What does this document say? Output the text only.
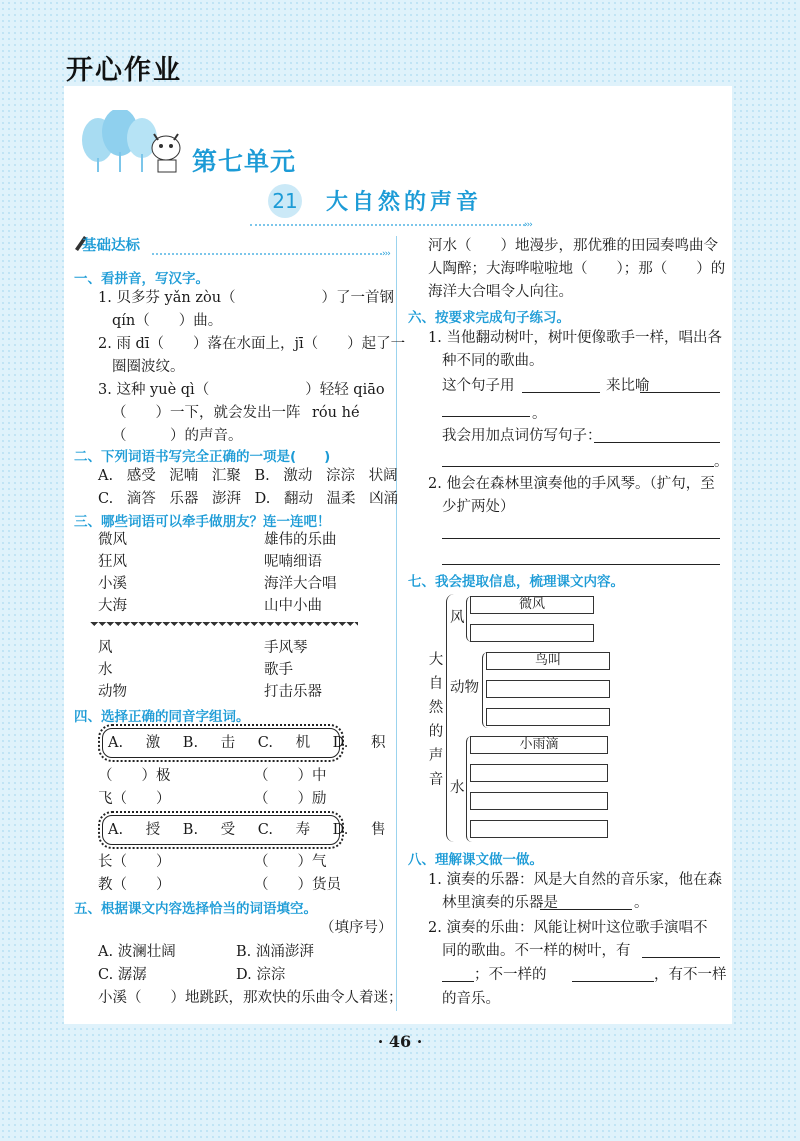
开心作业
第七单元
21 大自然的声音
›››
基础达标	›››
一、看拼音，写汉字。
1. 贝多芬 yǎn zòu（	）了一首钢
qín（　　）曲。
2. 雨 dī（　　）落在水面上，jī（　　）起了一
圈圈波纹。
3. 这种 yuè qì（	）轻轻 qiāo
（　　）一下，就会发出一阵 róu hé
（　　　）的声音。
二、下列词语书写完全正确的一项是( )
A. 感受 泥喃 汇聚 B. 激动 淙淙 状阔
C. 滴答 乐器 澎湃 D. 翻动 温柔 凶涌
三、哪些词语可以牵手做朋友？连一连吧！
微风	雄伟的乐曲
狂风	呢喃细语
小溪	海洋大合唱
大海	山中小曲
风	手风琴
水	歌手
动物	打击乐器
四、选择正确的同音字组词。
A. 激 B. 击 C. 机 D. 积
（　　）极	（　　）中
飞（　　）	（　　）励
A. 授 B. 受 C. 寿 D. 售
长（　　）	（　　）气
教（　　）	（　　）货员
五、根据课文内容选择恰当的词语填空。
（填序号）
A. 波澜壮阔	B. 汹涌澎湃
C. 潺潺	D. 淙淙
小溪（　　）地跳跃，那欢快的乐曲令人着迷；
河水（　　）地漫步，那优雅的田园奏鸣曲令
人陶醉；大海哗啦啦地（　　）；那（　　）的
海洋大合唱令人向往。
六、按要求完成句子练习。
1. 当他翻动树叶，树叶便像歌手一样，唱出各
种不同的歌曲。
这个句子用	来比喻
。
我会用加点词仿写句子：
。
2. 他会在森林里演奏他的手风琴。（扩句，至
少扩两处）
七、我会提取信息，梳理课文内容。
大
自
然
的
声
音
风
微风
动物
鸟叫
水
小雨滴
八、理解课文做一做。
1. 演奏的乐器：风是大自然的音乐家，他在森
林里演奏的乐器是	。
2. 演奏的乐曲：风能让树叶这位歌手演唱不
同的歌曲。不一样的树叶，有
；不一样的	，有不一样
的音乐。
· 46 ·
